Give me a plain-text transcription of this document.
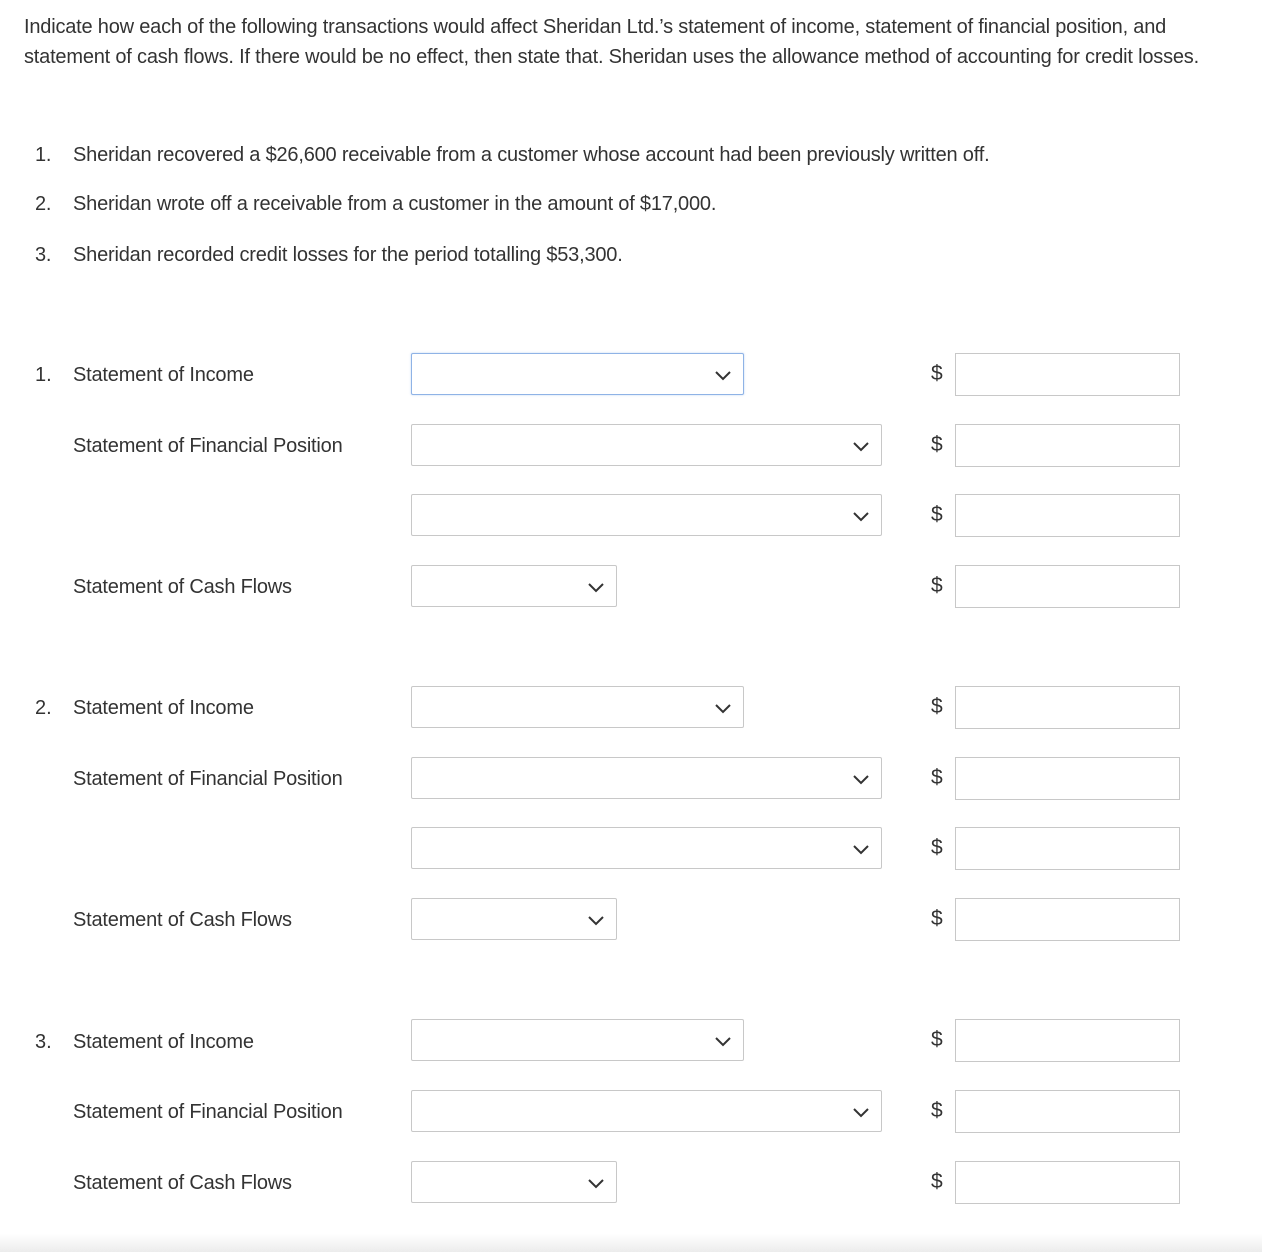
Indicate how each of the following transactions would affect Sheridan Ltd.’s statement of income, statement of financial position, and statement of cash flows. If there would be no effect, then state that. Sheridan uses the allowance method of accounting for credit losses.

1. Sheridan recovered a $26,600 receivable from a customer whose account had been previously written off.
2. Sheridan wrote off a receivable from a customer in the amount of $17,000.
3. Sheridan recorded credit losses for the period totalling $53,300.
1. Statement of Income	$
Statement of Financial Position	$
$
Statement of Cash Flows	$
2. Statement of Income	$
Statement of Financial Position	$
$
Statement of Cash Flows	$
3. Statement of Income	$
Statement of Financial Position	$
Statement of Cash Flows	$
